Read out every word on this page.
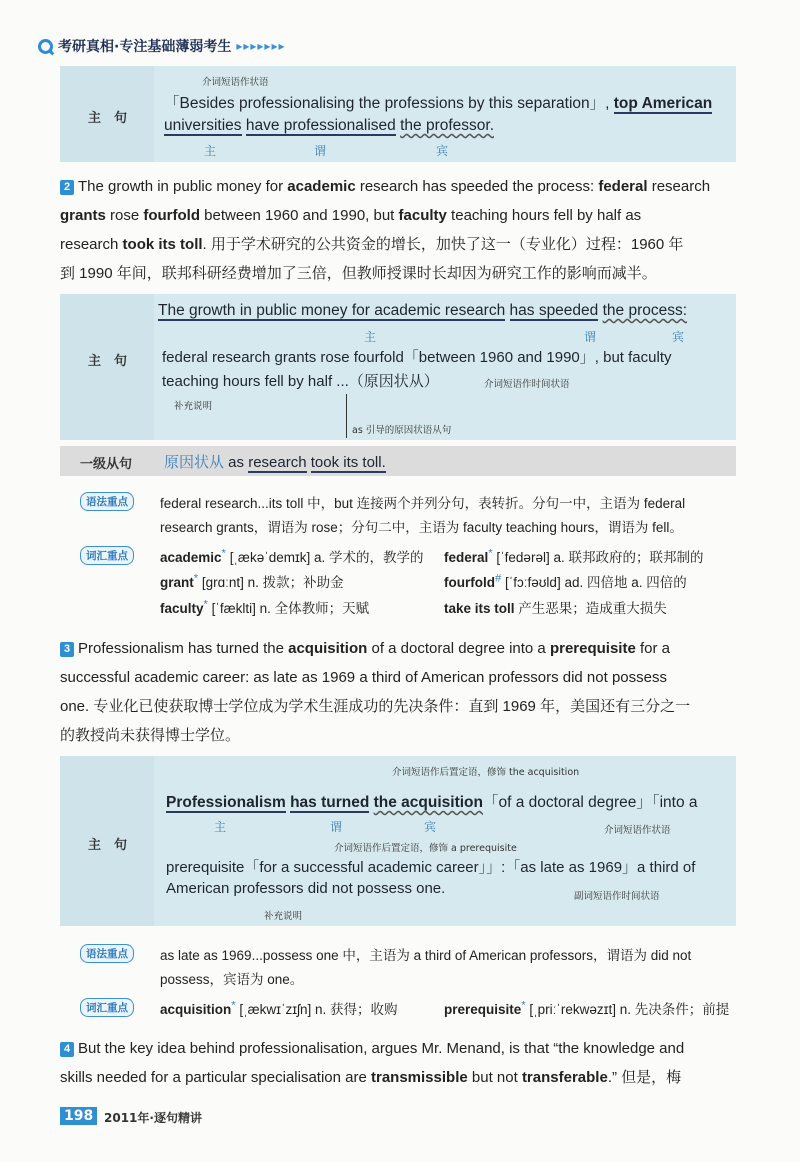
考研真相·专注基础薄弱考生 ▸▸▸▸▸▸▸
主　句
介词短语作状语
「Besides professionalising the professions by this separation」, top American
universities have professionalised the professor.
主	谓	宾
2 The growth in public money for academic research has speeded the process: federal research
grants rose fourfold between 1960 and 1990, but faculty teaching hours fell by half as
research took its toll. 用于学术研究的公共资金的增长，加快了这一（专业化）过程：1960 年
到 1990 年间，联邦科研经费增加了三倍，但教师授课时长却因为研究工作的影响而减半。
主　句
The growth in public money for academic research has speeded the process:
主	谓	宾
federal research grants rose fourfold「between 1960 and 1990」, but faculty
teaching hours fell by half ...（原因状从）	介词短语作时间状语
补充说明
as 引导的原因状语从句
一级从句 原因状从 as research took its toll.
语法重点	federal research...its toll 中，but 连接两个并列分句，表转折。分句一中，主语为 federal
research grants，谓语为 rose；分句二中，主语为 faculty teaching hours，谓语为 fell。
词汇重点	academic* [ˌækəˈdemɪk] a. 学术的，教学的 federal* [ˈfedərəl] a. 联邦政府的；联邦制的
grant* [ɡrɑːnt] n. 拨款；补助金	fourfold# [ˈfɔːfəʊld] ad. 四倍地 a. 四倍的
faculty* [ˈfæklti] n. 全体教师；天赋	take its toll 产生恶果；造成重大损失
3 Professionalism has turned the acquisition of a doctoral degree into a prerequisite for a
successful academic career: as late as 1969 a third of American professors did not possess
one. 专业化已使获取博士学位成为学术生涯成功的先决条件：直到 1969 年，美国还有三分之一
的教授尚未获得博士学位。
主　句
介词短语作后置定语，修饰 the acquisition
Professionalism has turned the acquisition「of a doctoral degree」「into a
主	谓	宾	介词短语作状语
介词短语作后置定语，修饰 a prerequisite
prerequisite「for a successful academic career」」:「as late as 1969」a third of
American professors did not possess one.	副词短语作时间状语
补充说明
语法重点	as late as 1969...possess one 中，主语为 a third of American professors，谓语为 did not
possess，宾语为 one。
词汇重点	acquisition* [ˌækwɪˈzɪʃn] n. 获得；收购	prerequisite* [ˌpriːˈrekwəzɪt] n. 先决条件；前提
4 But the key idea behind professionalisation, argues Mr. Menand, is that “the knowledge and
skills needed for a particular specialisation are transmissible but not transferable.” 但是，梅
198 2011年·逐句精讲
